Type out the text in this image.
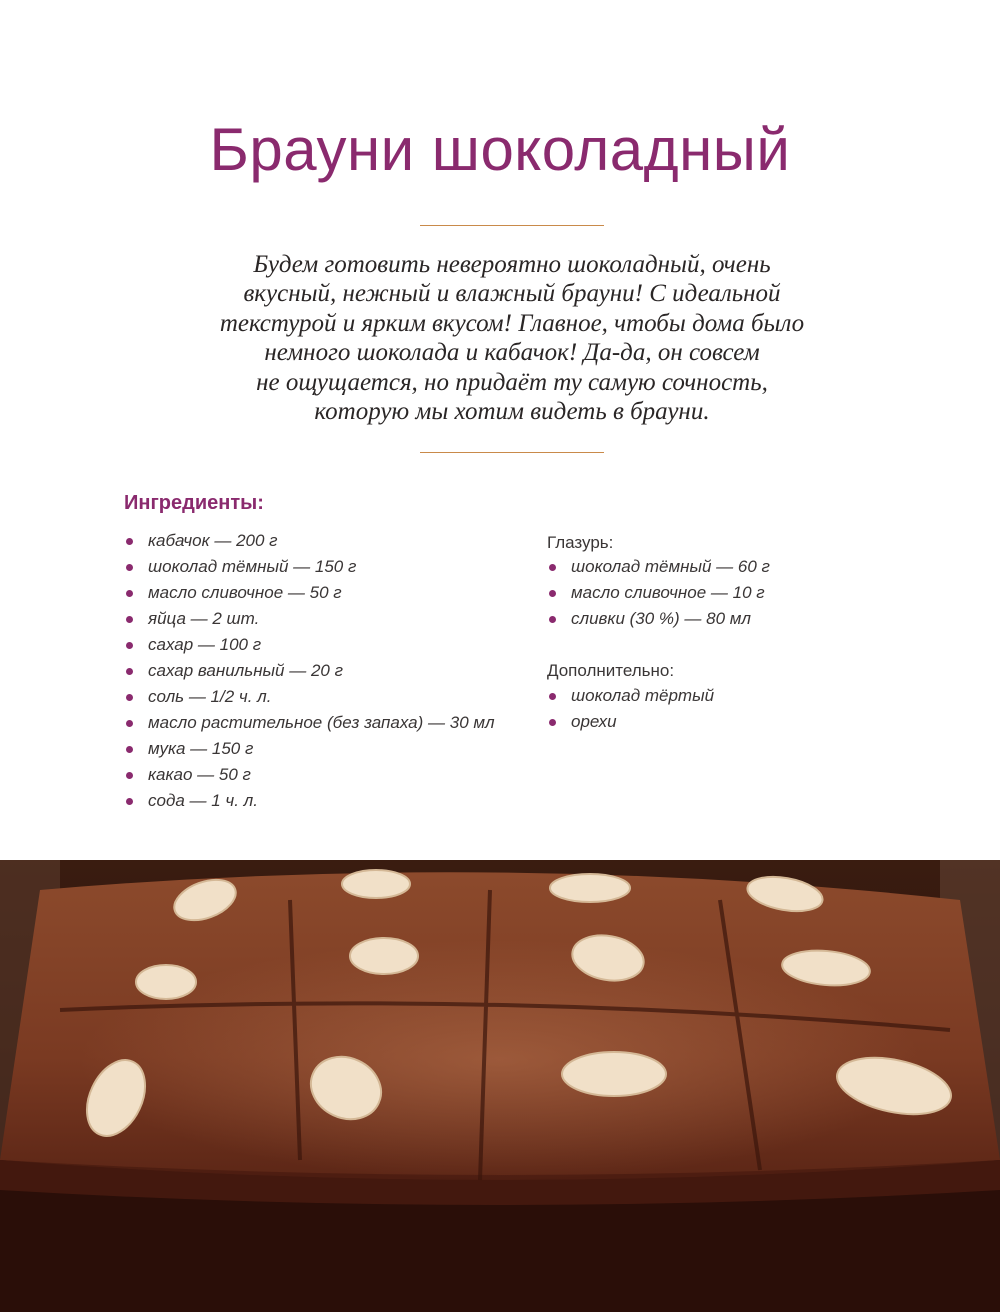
Брауни шоколадный
Будем готовить невероятно шоколадный, очень
вкусный, нежный и влажный брауни! С идеальной
текстурой и ярким вкусом! Главное, чтобы дома было
немного шоколада и кабачок! Да-да, он совсем
не ощущается, но придаёт ту самую сочность,
которую мы хотим видеть в брауни.
Ингредиенты:
кабачок — 200 г
шоколад тёмный — 150 г
масло сливочное — 50 г
яйца — 2 шт.
сахар — 100 г
сахар ванильный — 20 г
соль — 1/2 ч. л.
масло растительное (без запаха) — 30 мл
мука — 150 г
какао — 50 г
сода — 1 ч. л.
Глазурь:
шоколад тёмный — 60 г
масло сливочное — 10 г
сливки (30 %) — 80 мл
Дополнительно:
шоколад тёртый
орехи
